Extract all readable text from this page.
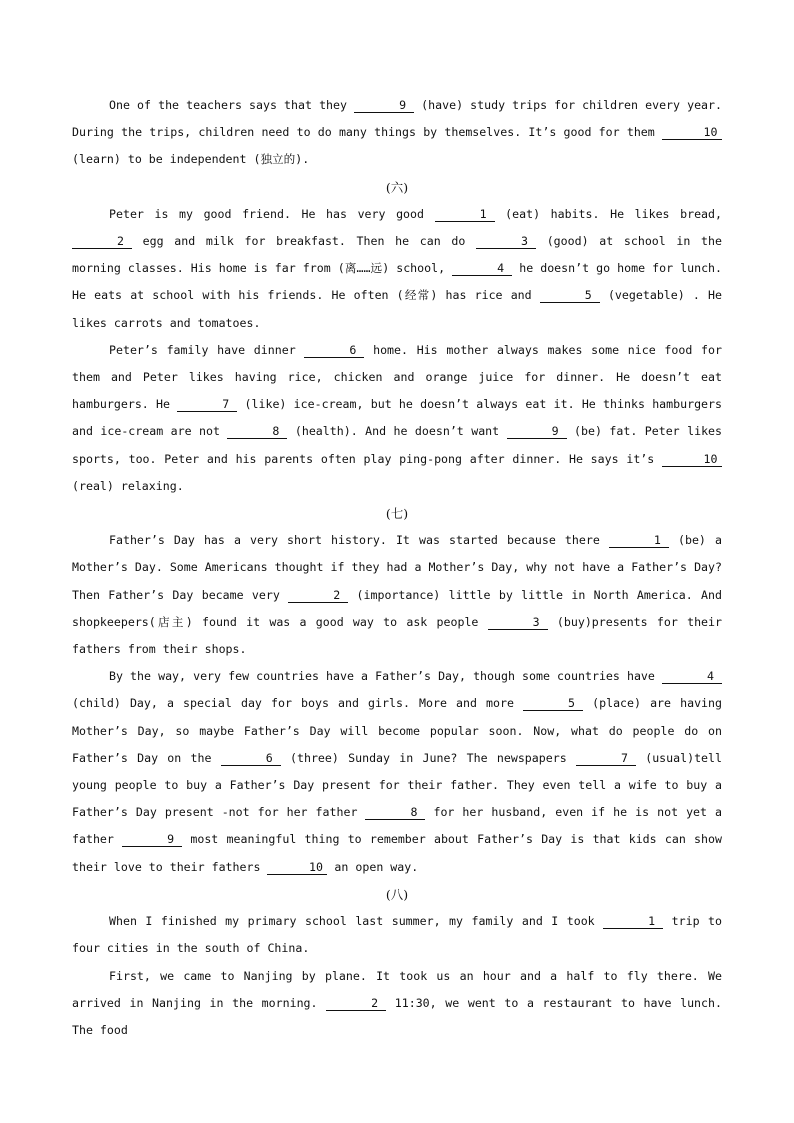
One of the teachers says that they	9 (have) study trips for children every year. During the trips, children need to do many things by themselves. It’s good for them	10 (learn) to be independent (独立的).

(六)

Peter is my good friend. He has very good	1 (eat) habits. He likes bread, 2 egg and milk for breakfast. Then he can do	3 (good) at school in the morning classes. His home is far from (离……远) school,	4 he doesn’t go home for lunch. He eats at school with his friends. He often (经常) has rice and	5 (vegetable) . He likes carrots and tomatoes.

Peter’s family have dinner	6 home. His mother always makes some nice food for them and Peter likes having rice, chicken and orange juice for dinner. He doesn’t eat hamburgers. He	7 (like) ice-cream, but he doesn’t always eat it. He thinks hamburgers and ice-cream are not	8 (health). And he doesn’t want	9 (be) fat. Peter likes sports, too. Peter and his parents often play ping-pong after dinner. He says it’s	10 (real) relaxing.

(七)

Father’s Day has a very short history. It was started because there	1 (be) a Mother’s Day. Some Americans thought if they had a Mother’s Day, why not have a Father’s Day? Then Father’s Day became very	2 (importance) little by little in North America. And shopkeepers(店主) found it was a good way to ask people	3 (buy)presents for their fathers from their shops.

By the way, very few countries have a Father’s Day, though some countries have	4 (child) Day, a special day for boys and girls. More and more	5 (place) are having Mother’s Day, so maybe Father’s Day will become popular soon. Now, what do people do on Father’s Day on the	6 (three) Sunday in June? The newspapers	7 (usual)tell young people to buy a Father’s Day present for their father. They even tell a wife to buy a Father’s Day present -not for her father	8 for her husband, even if he is not yet a father	9 most meaningful thing to remember about Father’s Day is that kids can show their love to their fathers	10 an open way.

(八)

When I finished my primary school last summer, my family and I took	1 trip to four cities in the south of China.

First, we came to Nanjing by plane. It took us an hour and a half to fly there. We arrived in Nanjing in the morning.	2 11:30, we went to a restaurant to have lunch. The food
